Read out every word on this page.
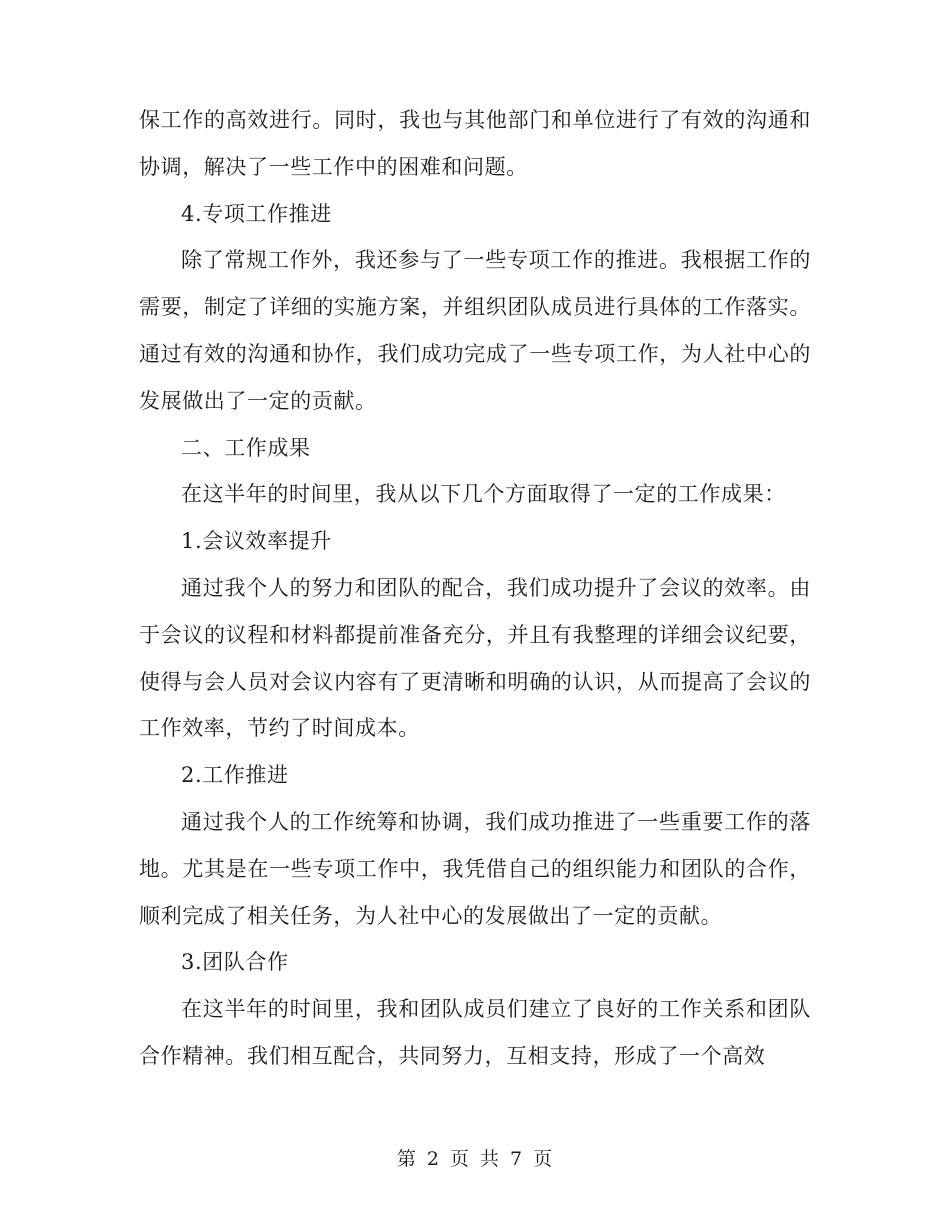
保工作的高效进行。同时，我也与其他部门和单位进行了有效的沟通和协调，解决了一些工作中的困难和问题。

4.专项工作推进

除了常规工作外，我还参与了一些专项工作的推进。我根据工作的需要，制定了详细的实施方案，并组织团队成员进行具体的工作落实。通过有效的沟通和协作，我们成功完成了一些专项工作，为人社中心的发展做出了一定的贡献。

二、工作成果

在这半年的时间里，我从以下几个方面取得了一定的工作成果：

1.会议效率提升

通过我个人的努力和团队的配合，我们成功提升了会议的效率。由于会议的议程和材料都提前准备充分，并且有我整理的详细会议纪要，使得与会人员对会议内容有了更清晰和明确的认识，从而提高了会议的工作效率，节约了时间成本。

2.工作推进

通过我个人的工作统筹和协调，我们成功推进了一些重要工作的落地。尤其是在一些专项工作中，我凭借自己的组织能力和团队的合作，顺利完成了相关任务，为人社中心的发展做出了一定的贡献。

3.团队合作

在这半年的时间里，我和团队成员们建立了良好的工作关系和团队合作精神。我们相互配合，共同努力，互相支持，形成了一个高效

第 2 页 共 7 页
